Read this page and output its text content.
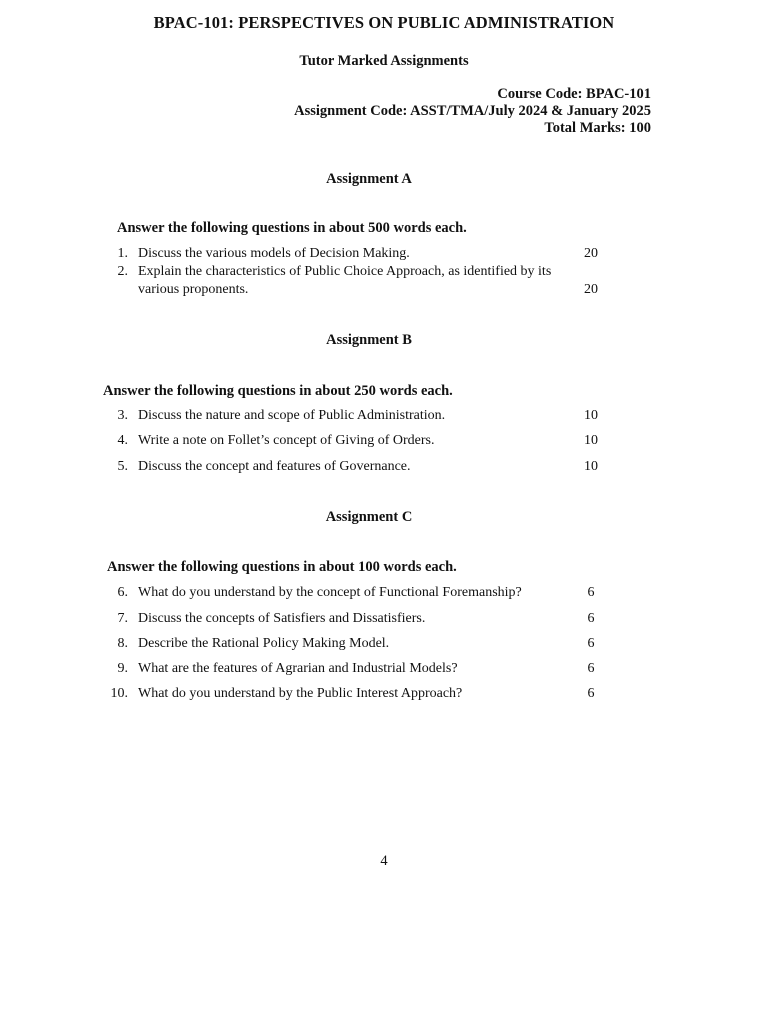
BPAC-101: PERSPECTIVES ON PUBLIC ADMINISTRATION
Tutor Marked Assignments
Course Code: BPAC-101
Assignment Code: ASST/TMA/July 2024 & January 2025
Total Marks: 100
Assignment A
Answer the following questions in about 500 words each.
1. Discuss the various models of Decision Making.	20
2. Explain the characteristics of Public Choice Approach, as identified by its
various proponents.	20
Assignment B
Answer the following questions in about 250 words each.
3. Discuss the nature and scope of Public Administration.	10
4. Write a note on Follet’s concept of Giving of Orders.	10
5. Discuss the concept and features of Governance.	10
Assignment C
Answer the following questions in about 100 words each.
6. What do you understand by the concept of Functional Foremanship?	6
7. Discuss the concepts of Satisfiers and Dissatisfiers.	6
8. Describe the Rational Policy Making Model.	6
9. What are the features of Agrarian and Industrial Models?	6
10. What do you understand by the Public Interest Approach?	6
4
